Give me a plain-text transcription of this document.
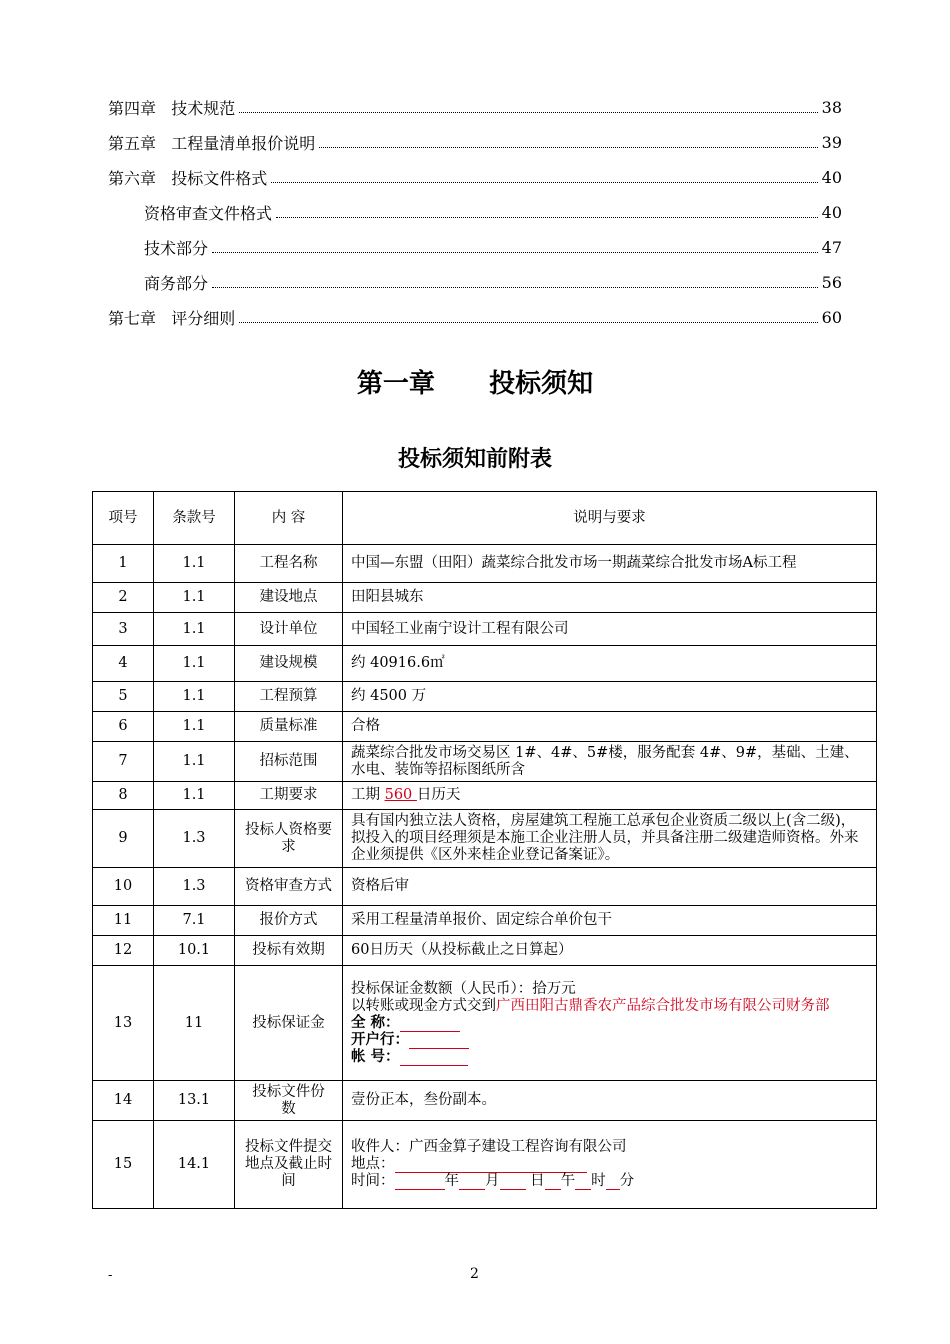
第四章   技术规范	38
第五章   工程量清单报价说明	39
第六章   投标文件格式	40
资格审查文件格式	40
技术部分	47
商务部分	56
第七章   评分细则	60
第一章 投标须知
投标须知前附表
项号	条款号	内 容	说明与要求
1	1.1	工程名称	中国—东盟（田阳）蔬菜综合批发市场一期蔬菜综合批发市场A标工程
2	1.1	建设地点	田阳县城东
3	1.1	设计单位	中国轻工业南宁设计工程有限公司
4	1.1	建设规模	约 40916.6㎡
5	1.1	工程预算	约 4500 万
6	1.1	质量标准	合格
7	1.1	招标范围	蔬菜综合批发市场交易区 1#、4#、5#楼，服务配套 4#、9#，基础、土建、水电、装饰等招标图纸所含
8	1.1	工期要求	工期 560 日历天
9	1.3	投标人资格要求	具有国内独立法人资格，房屋建筑工程施工总承包企业资质二级以上(含二级)，拟投入的项目经理须是本施工企业注册人员，并具备注册二级建造师资格。外来企业须提供《区外来桂企业登记备案证》。
10	1.3	资格审查方式	资格后审
11	7.1	报价方式	采用工程量清单报价、固定综合单价包干
12	10.1	投标有效期	60日历天（从投标截止之日算起）
13	11	投标保证金	投标保证金数额（人民币）：拾万元
以转账或现金方式交到广西田阳古鼎香农产品综合批发市场有限公司财务部
全 称：
开户行：
帐 号：

14	13.1	投标文件份 数	壹份正本，叁份副本。
15	14.1	投标文件提交地点及截止时间	收件人：广西金算子建设工程咨询有限公司
地点：
时间： 年 月 日 午 时 分
-	2
